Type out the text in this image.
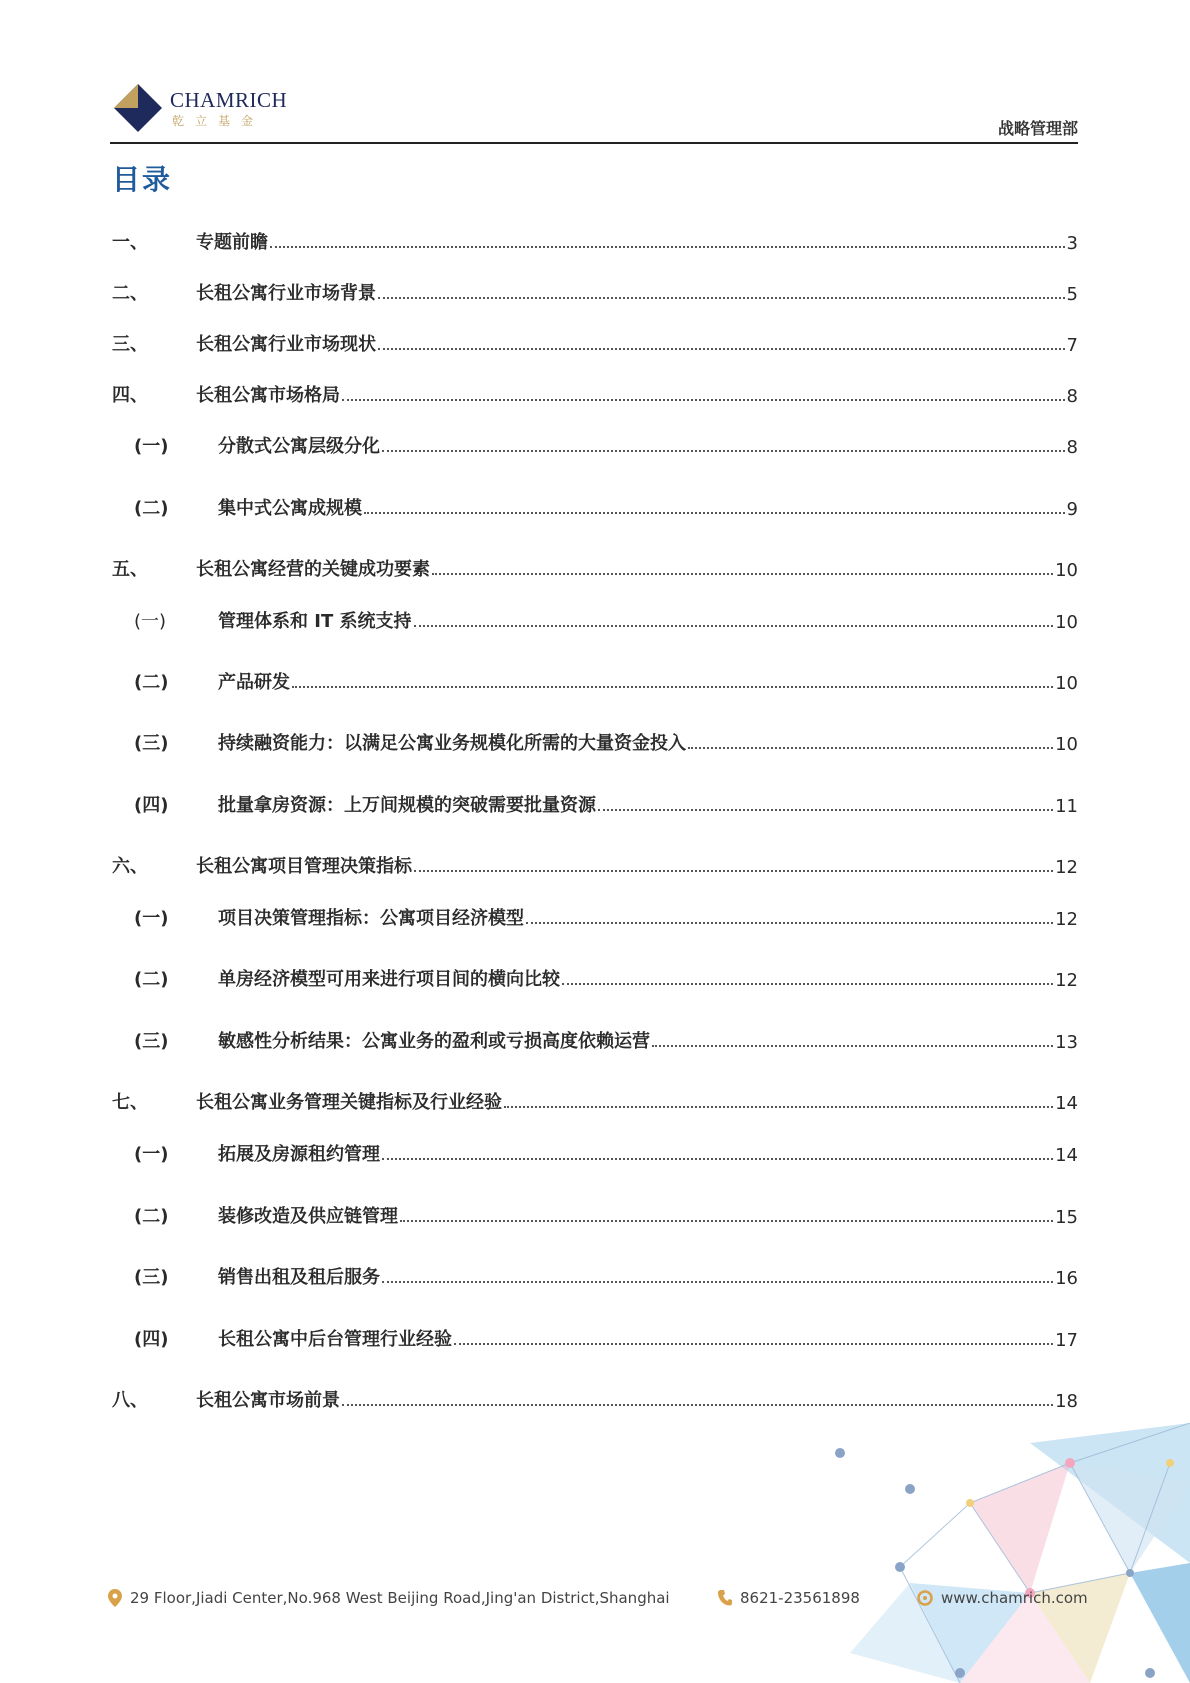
CHAMRICH
乾立基金	战略管理部
目录
一、	专题前瞻	3
二、	长租公寓行业市场背景	5
三、	长租公寓行业市场现状	7
四、	长租公寓市场格局	8
(一)	分散式公寓层级分化	8
(二)	集中式公寓成规模	9
五、	长租公寓经营的关键成功要素	10
(一)	管理体系和 IT 系统支持	10
(二)	产品研发	10
(三)	持续融资能力：以满足公寓业务规模化所需的大量资金投入	10
(四)	批量拿房资源：上万间规模的突破需要批量资源	11
六、	长租公寓项目管理决策指标	12
(一)	项目决策管理指标：公寓项目经济模型	12
(二)	单房经济模型可用来进行项目间的横向比较	12
(三)	敏感性分析结果：公寓业务的盈利或亏损高度依赖运营	13
七、	长租公寓业务管理关键指标及行业经验	14
(一)	拓展及房源租约管理	14
(二)	装修改造及供应链管理	15
(三)	销售出租及租后服务	16
(四)	长租公寓中后台管理行业经验	17
八、	长租公寓市场前景	18
29 Floor,Jiadi Center,No.968 West Beijing Road,Jing'an District,Shanghai	8621-23561898	www.chamrich.com
